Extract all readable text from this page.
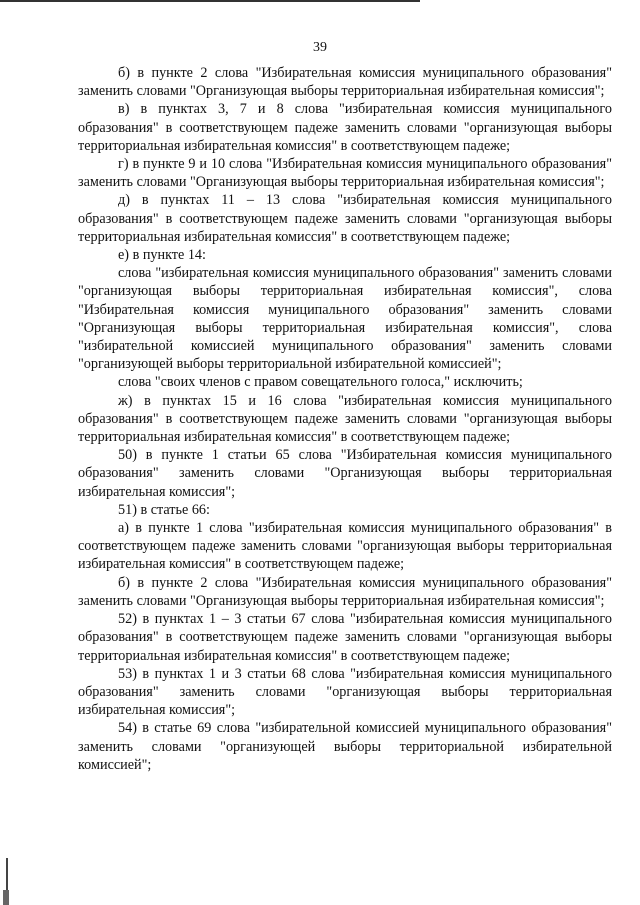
39

б) в пункте 2 слова "Избирательная комиссия муниципального образования" заменить словами "Организующая выборы территориальная избирательная комиссия";

в) в пунктах 3, 7 и 8 слова "избирательная комиссия муниципального образования" в соответствующем падеже заменить словами "организующая выборы территориальная избирательная комиссия" в соответствующем падеже;

г) в пункте 9 и 10 слова "Избирательная комиссия муниципального образования" заменить словами "Организующая выборы территориальная избирательная комиссия";

д) в пунктах 11 – 13 слова "избирательная комиссия муниципального образования" в соответствующем падеже заменить словами "организующая выборы территориальная избирательная комиссия" в соответствующем падеже;

е) в пункте 14:

слова "избирательная комиссия муниципального образования" заменить словами "организующая выборы территориальная избирательная комиссия", слова "Избирательная комиссия муниципального образования" заменить словами "Организующая выборы территориальная избирательная комиссия", слова "избирательной комиссией муниципального образования" заменить словами "организующей выборы территориальной избирательной комиссией";

слова "своих членов с правом совещательного голоса," исключить;

ж) в пунктах 15 и 16 слова "избирательная комиссия муниципального образования" в соответствующем падеже заменить словами "организующая выборы территориальная избирательная комиссия" в соответствующем падеже;

50) в пункте 1 статьи 65 слова "Избирательная комиссия муниципального образования" заменить словами "Организующая выборы территориальная избирательная комиссия";

51) в статье 66:

а) в пункте 1 слова "избирательная комиссия муниципального образования" в соответствующем падеже заменить словами "организующая выборы территориальная избирательная комиссия" в соответствующем падеже;

б) в пункте 2 слова "Избирательная комиссия муниципального образования" заменить словами "Организующая выборы территориальная избирательная комиссия";

52) в пунктах 1 – 3 статьи 67 слова "избирательная комиссия муниципального образования" в соответствующем падеже заменить словами "организующая выборы территориальная избирательная комиссия" в соответствующем падеже;

53) в пунктах 1 и 3 статьи 68 слова "избирательная комиссия муниципального образования" заменить словами "организующая выборы территориальная избирательная комиссия";

54) в статье 69 слова "избирательной комиссией муниципального образования" заменить словами "организующей выборы территориальной избирательной комиссией";
